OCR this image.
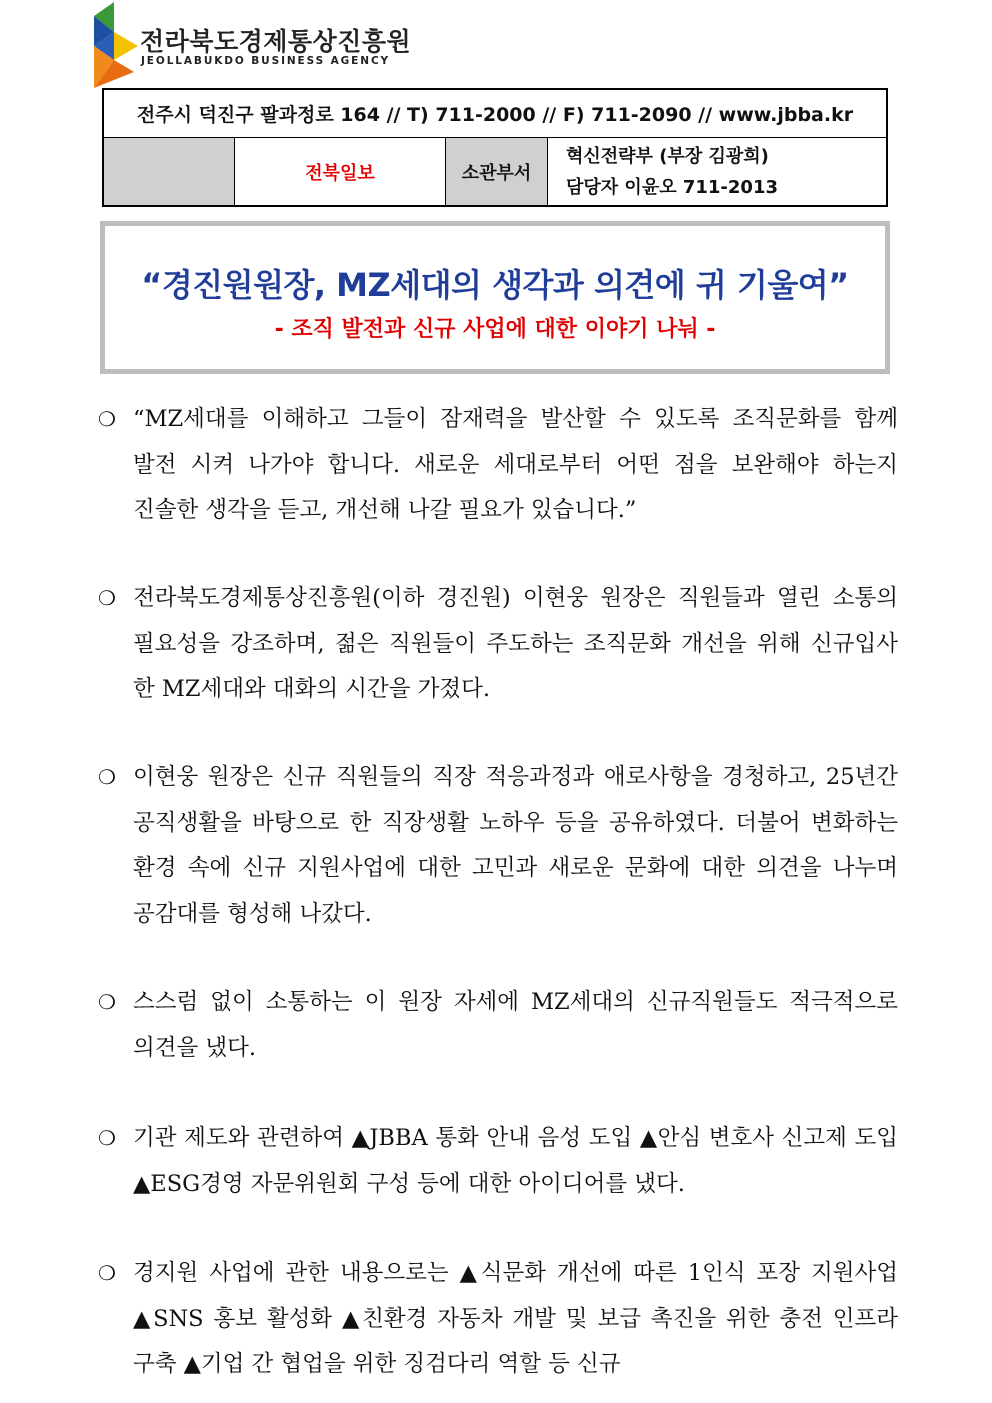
전라북도경제통상진흥원
JEOLLABUKDO BUSINESS AGENCY
전주시 덕진구 팔과정로 164 // T) 711-2000 // F) 711-2090 // www.jbba.kr
전북일보	소관부서
혁신전략부 (부장 김광희)
담당자 이윤오 711-2013
“경진원원장, MZ세대의 생각과 의견에 귀 기울여”
- 조직 발전과 신규 사업에 대한 이야기 나눠 -
❍ “MZ세대를 이해하고 그들이 잠재력을 발산할 수 있도록 조직문화를 함께 발전 시켜 나가야 합니다. 새로운 세대로부터 어떤 점을 보완해야 하는지 진솔한 생각을 듣고, 개선해 나갈 필요가 있습니다.”
❍ 전라북도경제통상진흥원(이하 경진원) 이현웅 원장은 직원들과 열린 소통의 필요성을 강조하며, 젊은 직원들이 주도하는 조직문화 개선을 위해 신규입사 한 MZ세대와 대화의 시간을 가졌다.
❍ 이현웅 원장은 신규 직원들의 직장 적응과정과 애로사항을 경청하고, 25년간 공직생활을 바탕으로 한 직장생활 노하우 등을 공유하였다. 더불어 변화하는 환경 속에 신규 지원사업에 대한 고민과 새로운 문화에 대한 의견을 나누며 공감대를 형성해 나갔다.
❍ 스스럼 없이 소통하는 이 원장 자세에 MZ세대의 신규직원들도 적극적으로 의견을 냈다.
❍ 기관 제도와 관련하여 ▲JBBA 통화 안내 음성 도입 ▲안심 변호사 신고제 도입 ▲ESG경영 자문위원회 구성 등에 대한 아이디어를 냈다.
❍ 경지원 사업에 관한 내용으로는 ▲식문화 개선에 따른 1인식 포장 지원사업 ▲SNS 홍보 활성화 ▲친환경 자동차 개발 및 보급 촉진을 위한 충전 인프라 구축 ▲기업 간 협업을 위한 징검다리 역할 등 신규
